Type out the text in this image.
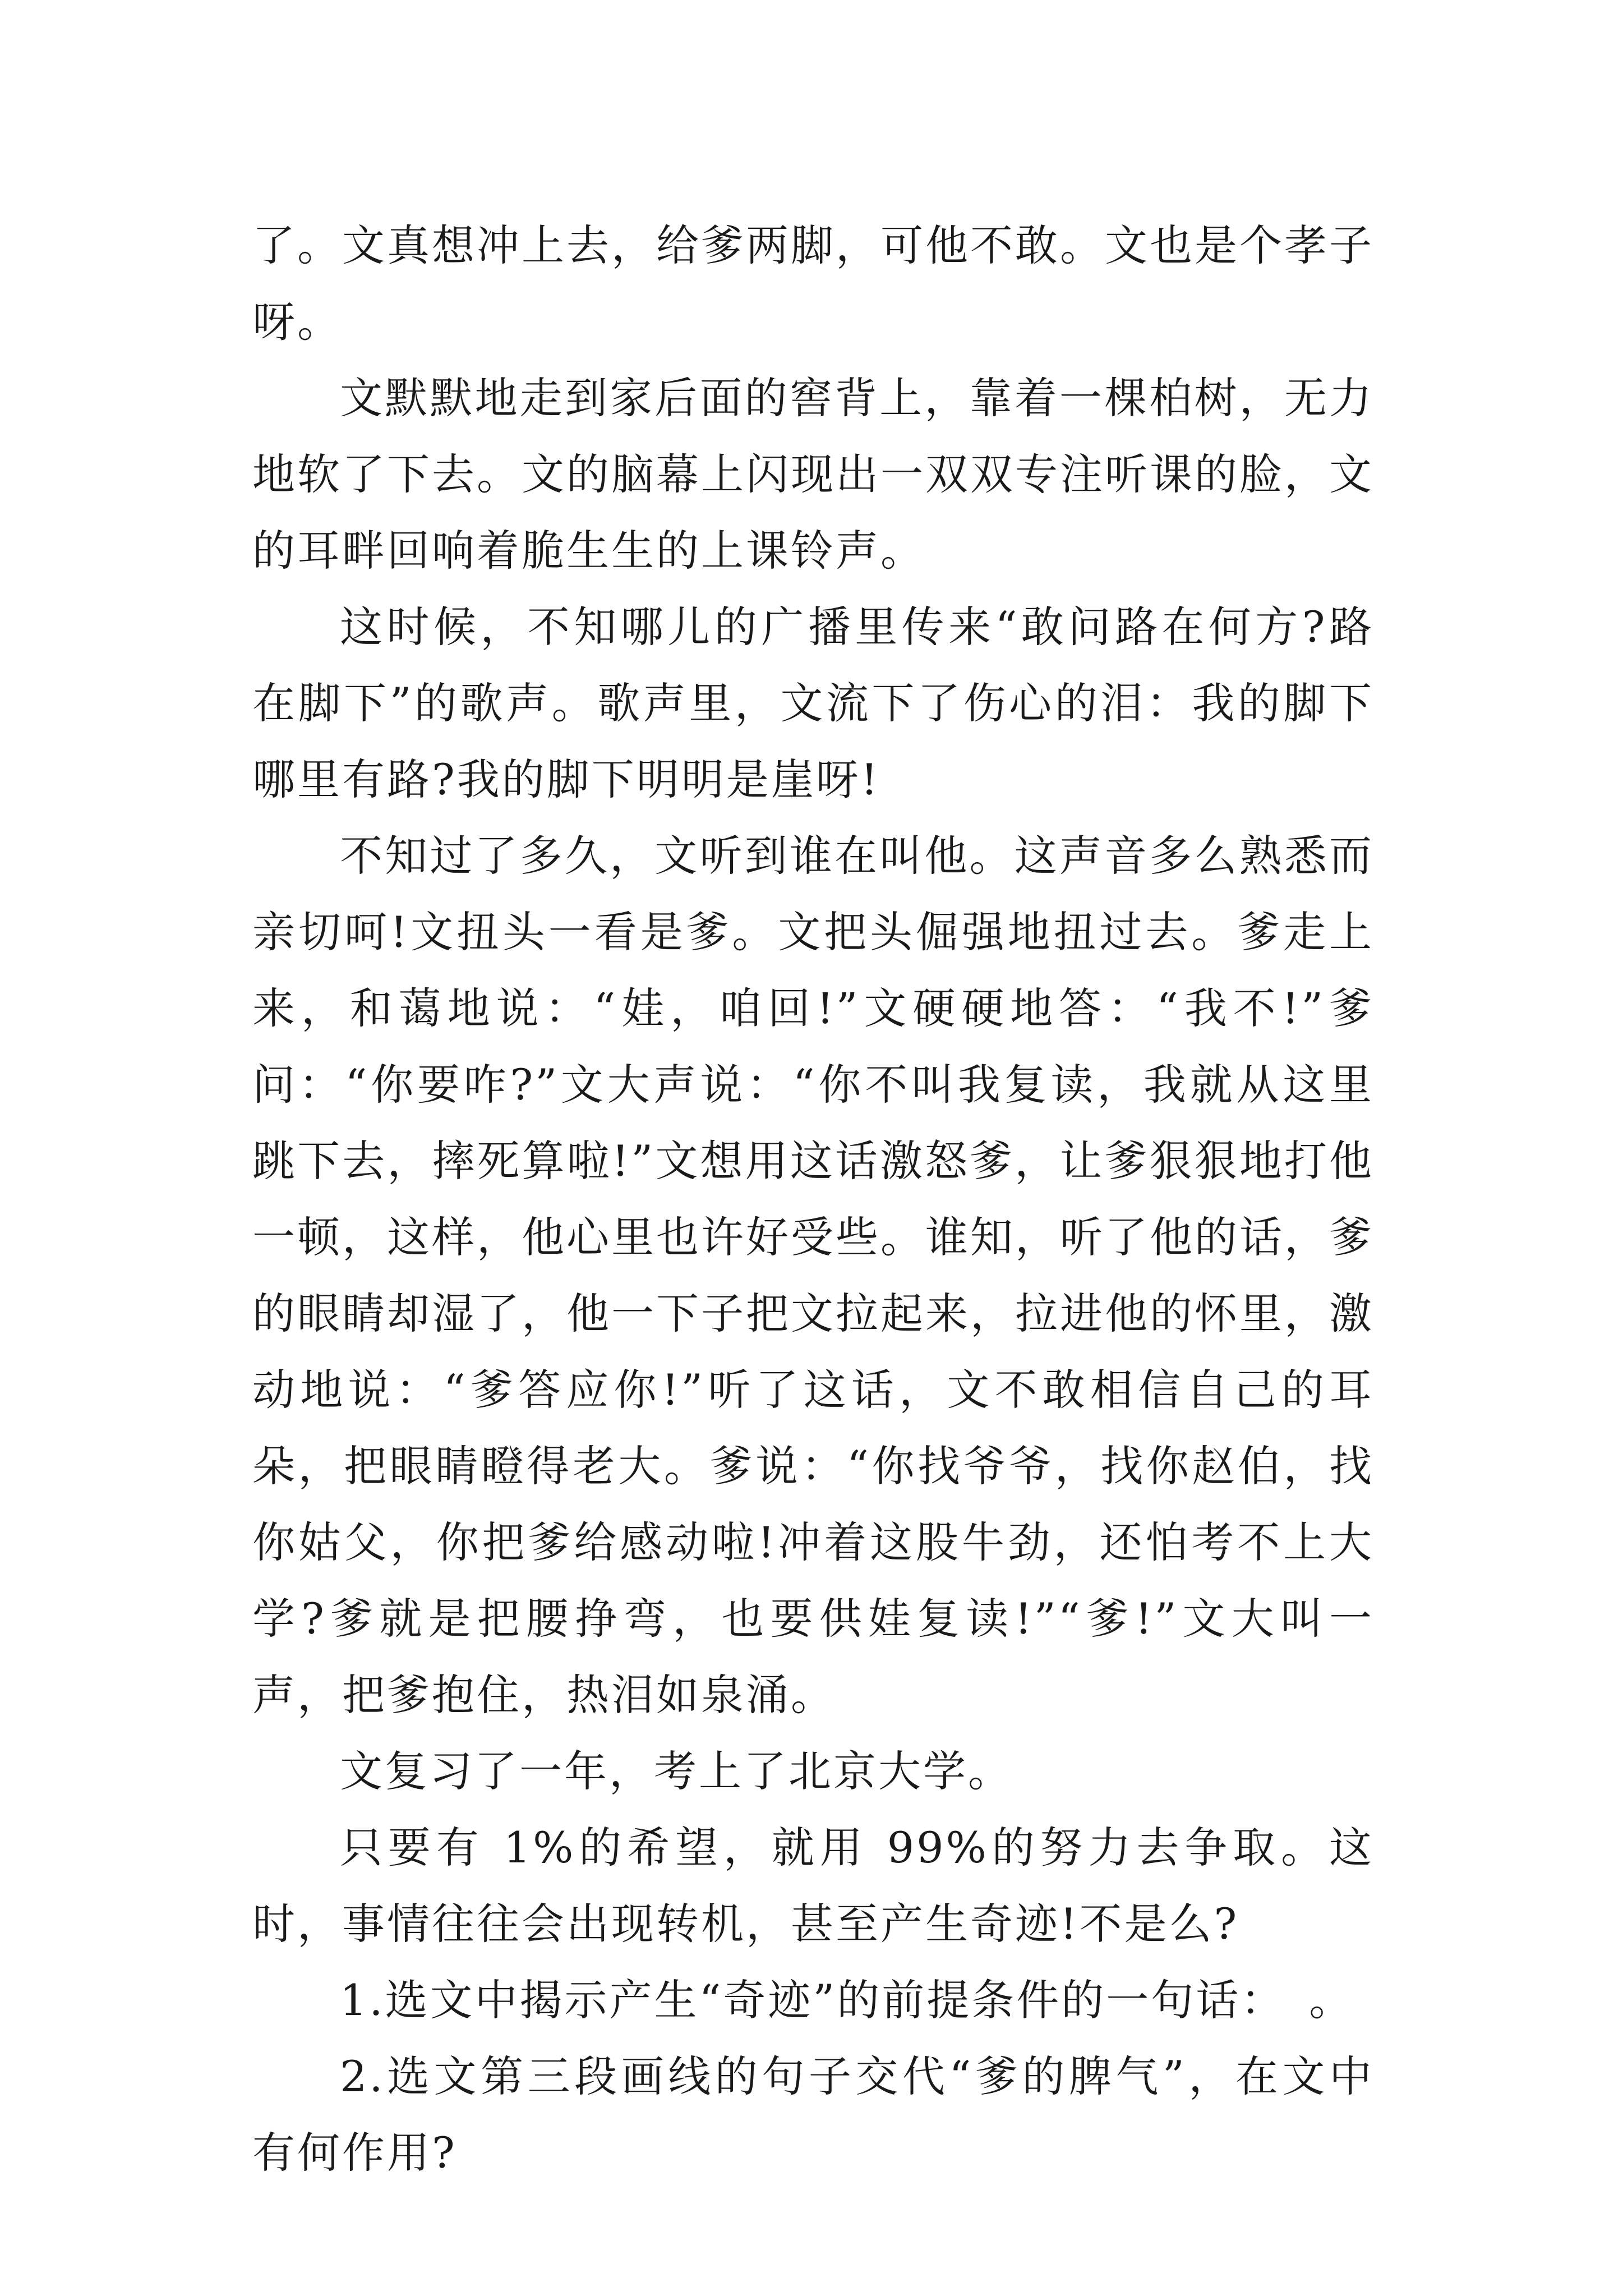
了。文真想冲上去，给爹两脚，可他不敢。文也是个孝子呀。

文默默地走到家后面的窖背上，靠着一棵柏树，无力地软了下去。文的脑幕上闪现出一双双专注听课的脸，文的耳畔回响着脆生生的上课铃声。

这时候，不知哪儿的广播里传来“敢问路在何方?路在脚下”的歌声。歌声里，文流下了伤心的泪：我的脚下哪里有路?我的脚下明明是崖呀!

不知过了多久，文听到谁在叫他。这声音多么熟悉而亲切呵!文扭头一看是爹。文把头倔强地扭过去。爹走上来，和蔼地说：“娃，咱回!”文硬硬地答：“我不!”爹问：“你要咋?”文大声说：“你不叫我复读，我就从这里跳下去，摔死算啦!”文想用这话激怒爹，让爹狠狠地打他一顿，这样，他心里也许好受些。谁知，听了他的话，爹的眼睛却湿了，他一下子把文拉起来，拉进他的怀里，激动地说：“爹答应你!”听了这话，文不敢相信自己的耳朵，把眼睛瞪得老大。爹说：“你找爷爷，找你赵伯，找你姑父，你把爹给感动啦!冲着这股牛劲，还怕考不上大学?爹就是把腰挣弯，也要供娃复读!”“爹!”文大叫一声，把爹抱住，热泪如泉涌。

文复习了一年，考上了北京大学。

只要有 1%的希望，就用 99%的努力去争取。这时，事情往往会出现转机，甚至产生奇迹!不是么?

1.选文中揭示产生“奇迹”的前提条件的一句话：　。

2.选文第三段画线的句子交代“爹的脾气”，在文中有何作用?
